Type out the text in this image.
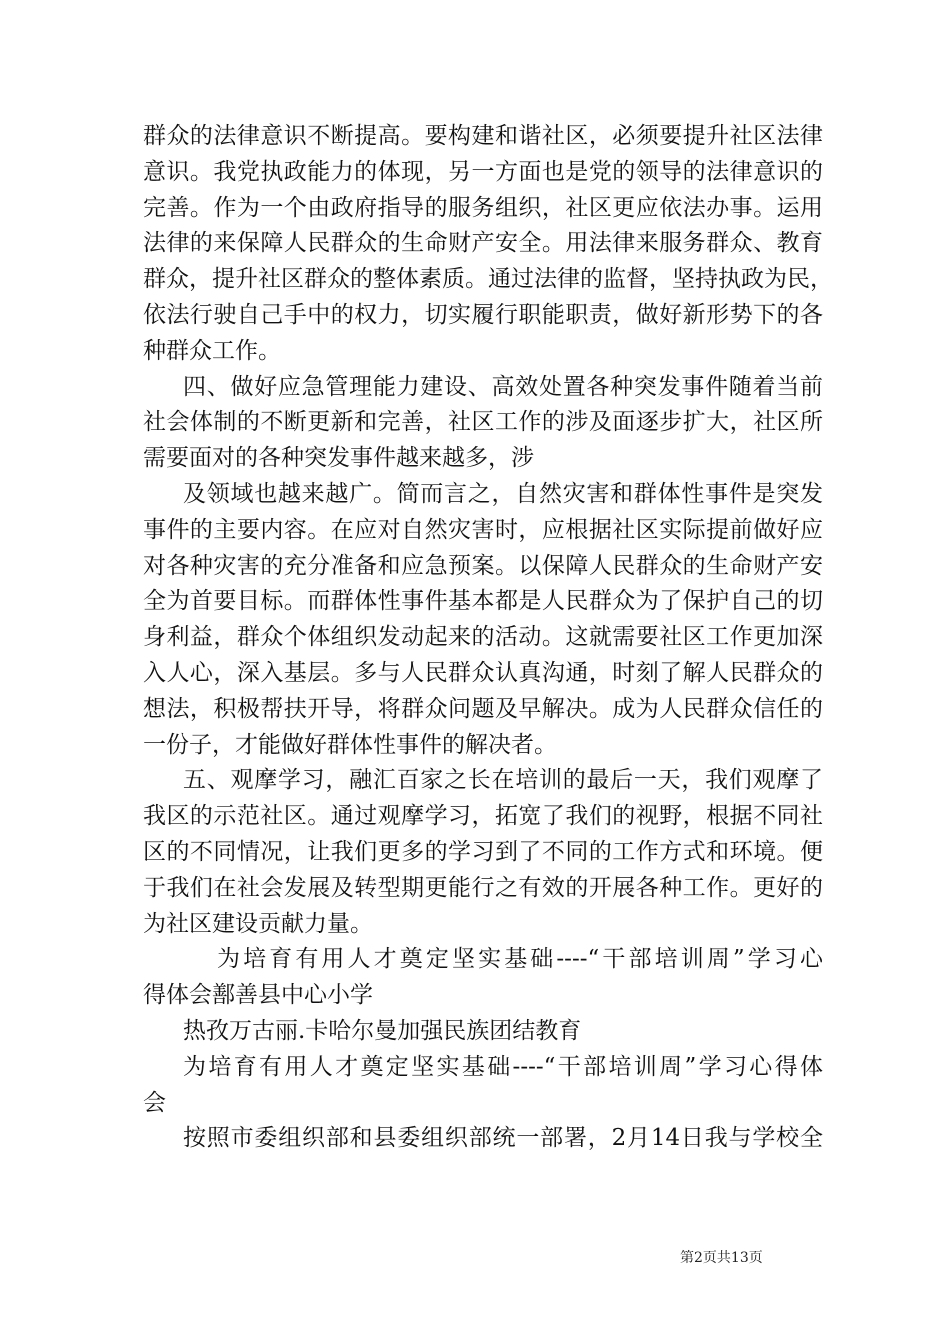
群众的法律意识不断提高。要构建和谐社区，必须要提升社区法律
意识。我党执政能力的体现，另一方面也是党的领导的法律意识的
完善。作为一个由政府指导的服务组织，社区更应依法办事。运用
法律的来保障人民群众的生命财产安全。用法律来服务群众、教育
群众，提升社区群众的整体素质。通过法律的监督，坚持执政为民，
依法行驶自己手中的权力，切实履行职能职责，做好新形势下的各
种群众工作。
四、做好应急管理能力建设、高效处置各种突发事件随着当前
社会体制的不断更新和完善，社区工作的涉及面逐步扩大，社区所
需要面对的各种突发事件越来越多，涉
及领域也越来越广。简而言之，自然灾害和群体性事件是突发
事件的主要内容。在应对自然灾害时，应根据社区实际提前做好应
对各种灾害的充分准备和应急预案。以保障人民群众的生命财产安
全为首要目标。而群体性事件基本都是人民群众为了保护自己的切
身利益，群众个体组织发动起来的活动。这就需要社区工作更加深
入人心，深入基层。多与人民群众认真沟通，时刻了解人民群众的
想法，积极帮扶开导，将群众问题及早解决。成为人民群众信任的
一份子，才能做好群体性事件的解决者。
五、观摩学习，融汇百家之长在培训的最后一天，我们观摩了
我区的示范社区。通过观摩学习，拓宽了我们的视野，根据不同社
区的不同情况，让我们更多的学习到了不同的工作方式和环境。便
于我们在社会发展及转型期更能行之有效的开展各种工作。更好的
为社区建设贡献力量。
为培育有用人才奠定坚实基础----“干部培训周”学习心
得体会鄯善县中心小学
热孜万古丽.卡哈尔曼加强民族团结教育
为培育有用人才奠定坚实基础----“干部培训周”学习心得体
会
按照市委组织部和县委组织部统一部署，2月14日我与学校全
第2页共13页
